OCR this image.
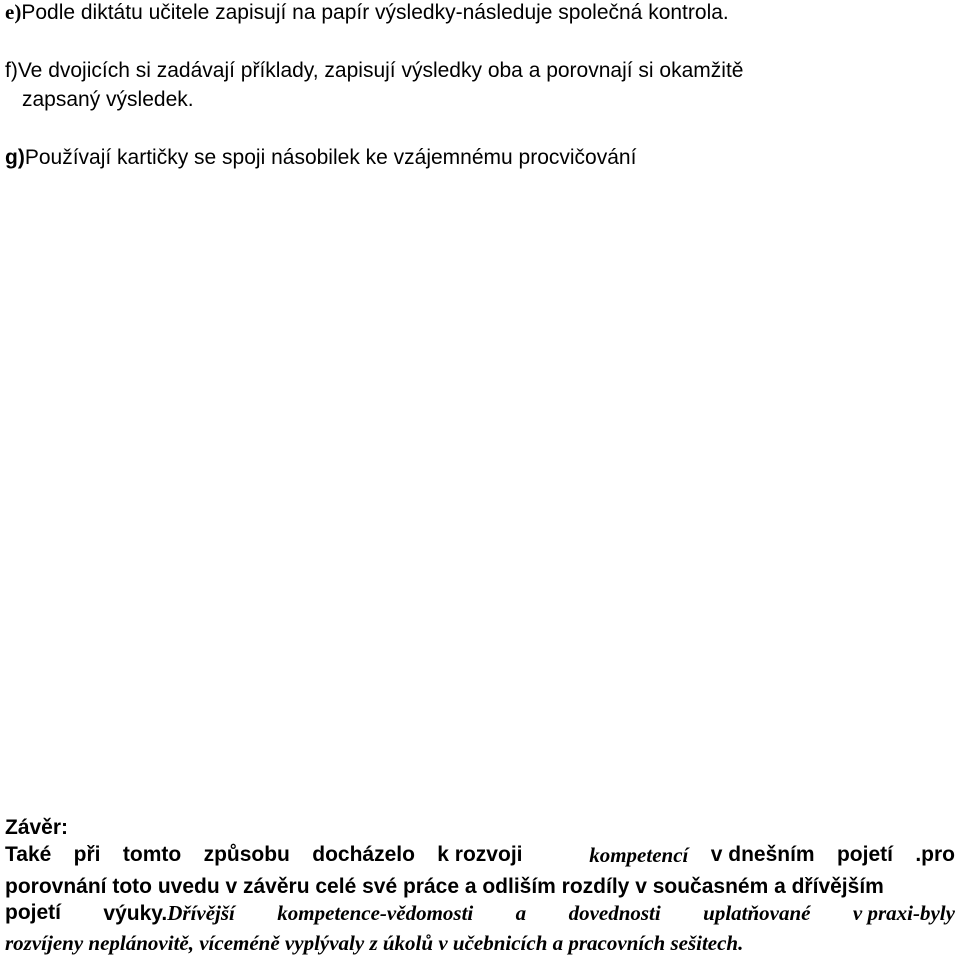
e)Podle diktátu učitele zapisují na papír výsledky-následuje společná kontrola.
f)Ve dvojicích si zadávají příklady, zapisují výsledky oba a porovnají si okamžitě
zapsaný výsledek.
g)Používají kartičky se spoji násobilek ke vzájemnému procvičování
Závěr:
Také při tomto způsobu docházelo k rozvoji	kompetencí v dnešním pojetí .pro
porovnání toto uvedu v závěru celé své práce a odliším rozdíly v současném a dřívějším
pojetí výuky.Dřívější kompetence-vědomosti a dovednosti uplatňované v praxi-byly
rozvíjeny neplánovitě, víceméně vyplývaly z úkolů v učebnicích a pracovních sešitech.
